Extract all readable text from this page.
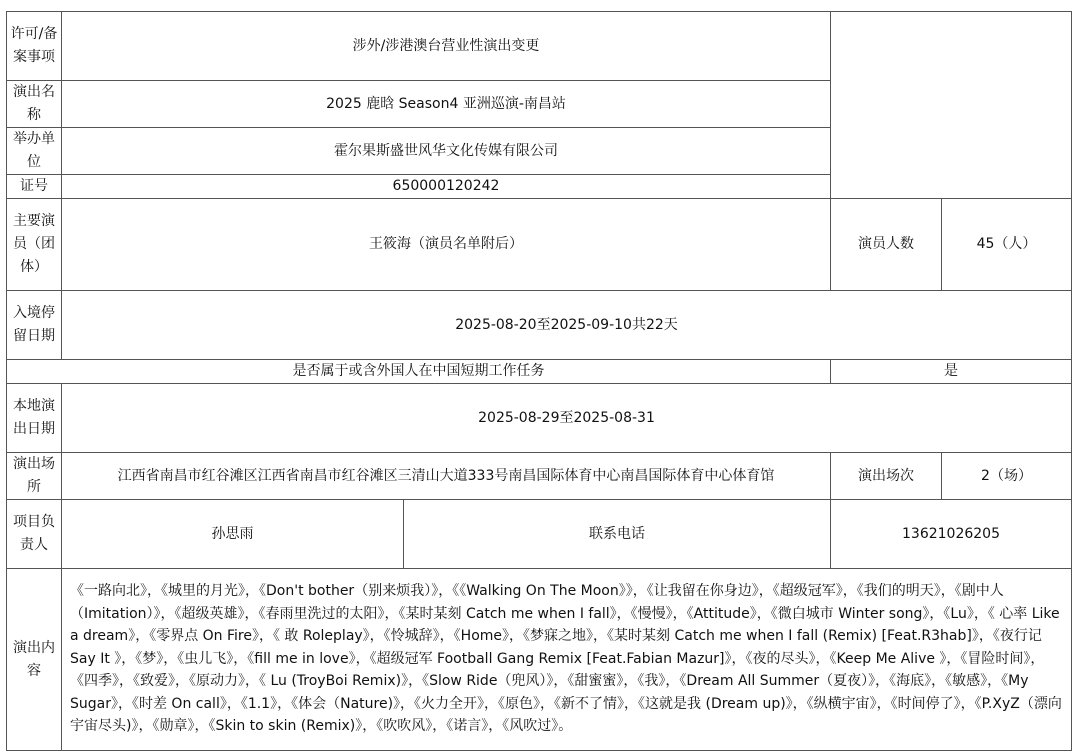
许可/备案事项	涉外/涉港澳台营业性演出变更			
演出名称	2025 鹿晗 Season4 亚洲巡演-南昌站			
举办单位	霍尔果斯盛世风华文化传媒有限公司			
证号	650000120242			
主要演员（团体）	王筱海（演员名单附后）		演员人数	45（人）
入境停留日期	2025-08-20至2025-09-10共22天			
是否属于或含外国人在中国短期工作任务			是	
本地演出日期	2025-08-29至2025-08-31			
演出场所	江西省南昌市红谷滩区江西省南昌市红谷滩区三清山大道333号南昌国际体育中心南昌国际体育中心体育馆		演出场次	2（场）
项目负责人	孙思雨	联系电话	13621026205	
演出内容	《一路向北》，《城里的月光》，《Don't bother（别来烦我）》，《《Walking On The Moon》》，《让我留在你身边》，《超级冠军》，《我们的明天》，《剧中人（Imitation）》，《超级英雄》，《春雨里洗过的太阳》，《某时某刻 Catch me when I fall》，《慢慢》，《Attitude》，《微白城市 Winter song》，《Lu》，《 心率 Like a dream》，《零界点 On Fire》，《 敢 Roleplay》，《怜城辞》，《Home》，《梦寐之地》，《某时某刻 Catch me when I fall (Remix) [Feat.R3hab]》，《夜行记 Say It 》，《梦》，《虫儿飞》，《fill me in love》，《超级冠军 Football Gang Remix [Feat.Fabian Mazur]》，《夜的尽头》，《Keep Me Alive 》，《冒险时间》，《四季》，《致爱》，《原动力》，《 Lu (TroyBoi Remix)》，《Slow Ride（兜风）》，《甜蜜蜜》，《我》，《Dream All Summer（夏夜）》，《海底》，《敏感》，《My Sugar》，《时差 On call》，《1.1》，《体会（Nature)》，《火力全开》，《原色》，《新不了情》，《这就是我 (Dream up)》，《纵横宇宙》，《时间停了》，《P.XyZ（漂向宇宙尽头)》，《勋章》，《Skin to skin (Remix)》，《吹吹风》，《诺言》，《风吹过》。			
